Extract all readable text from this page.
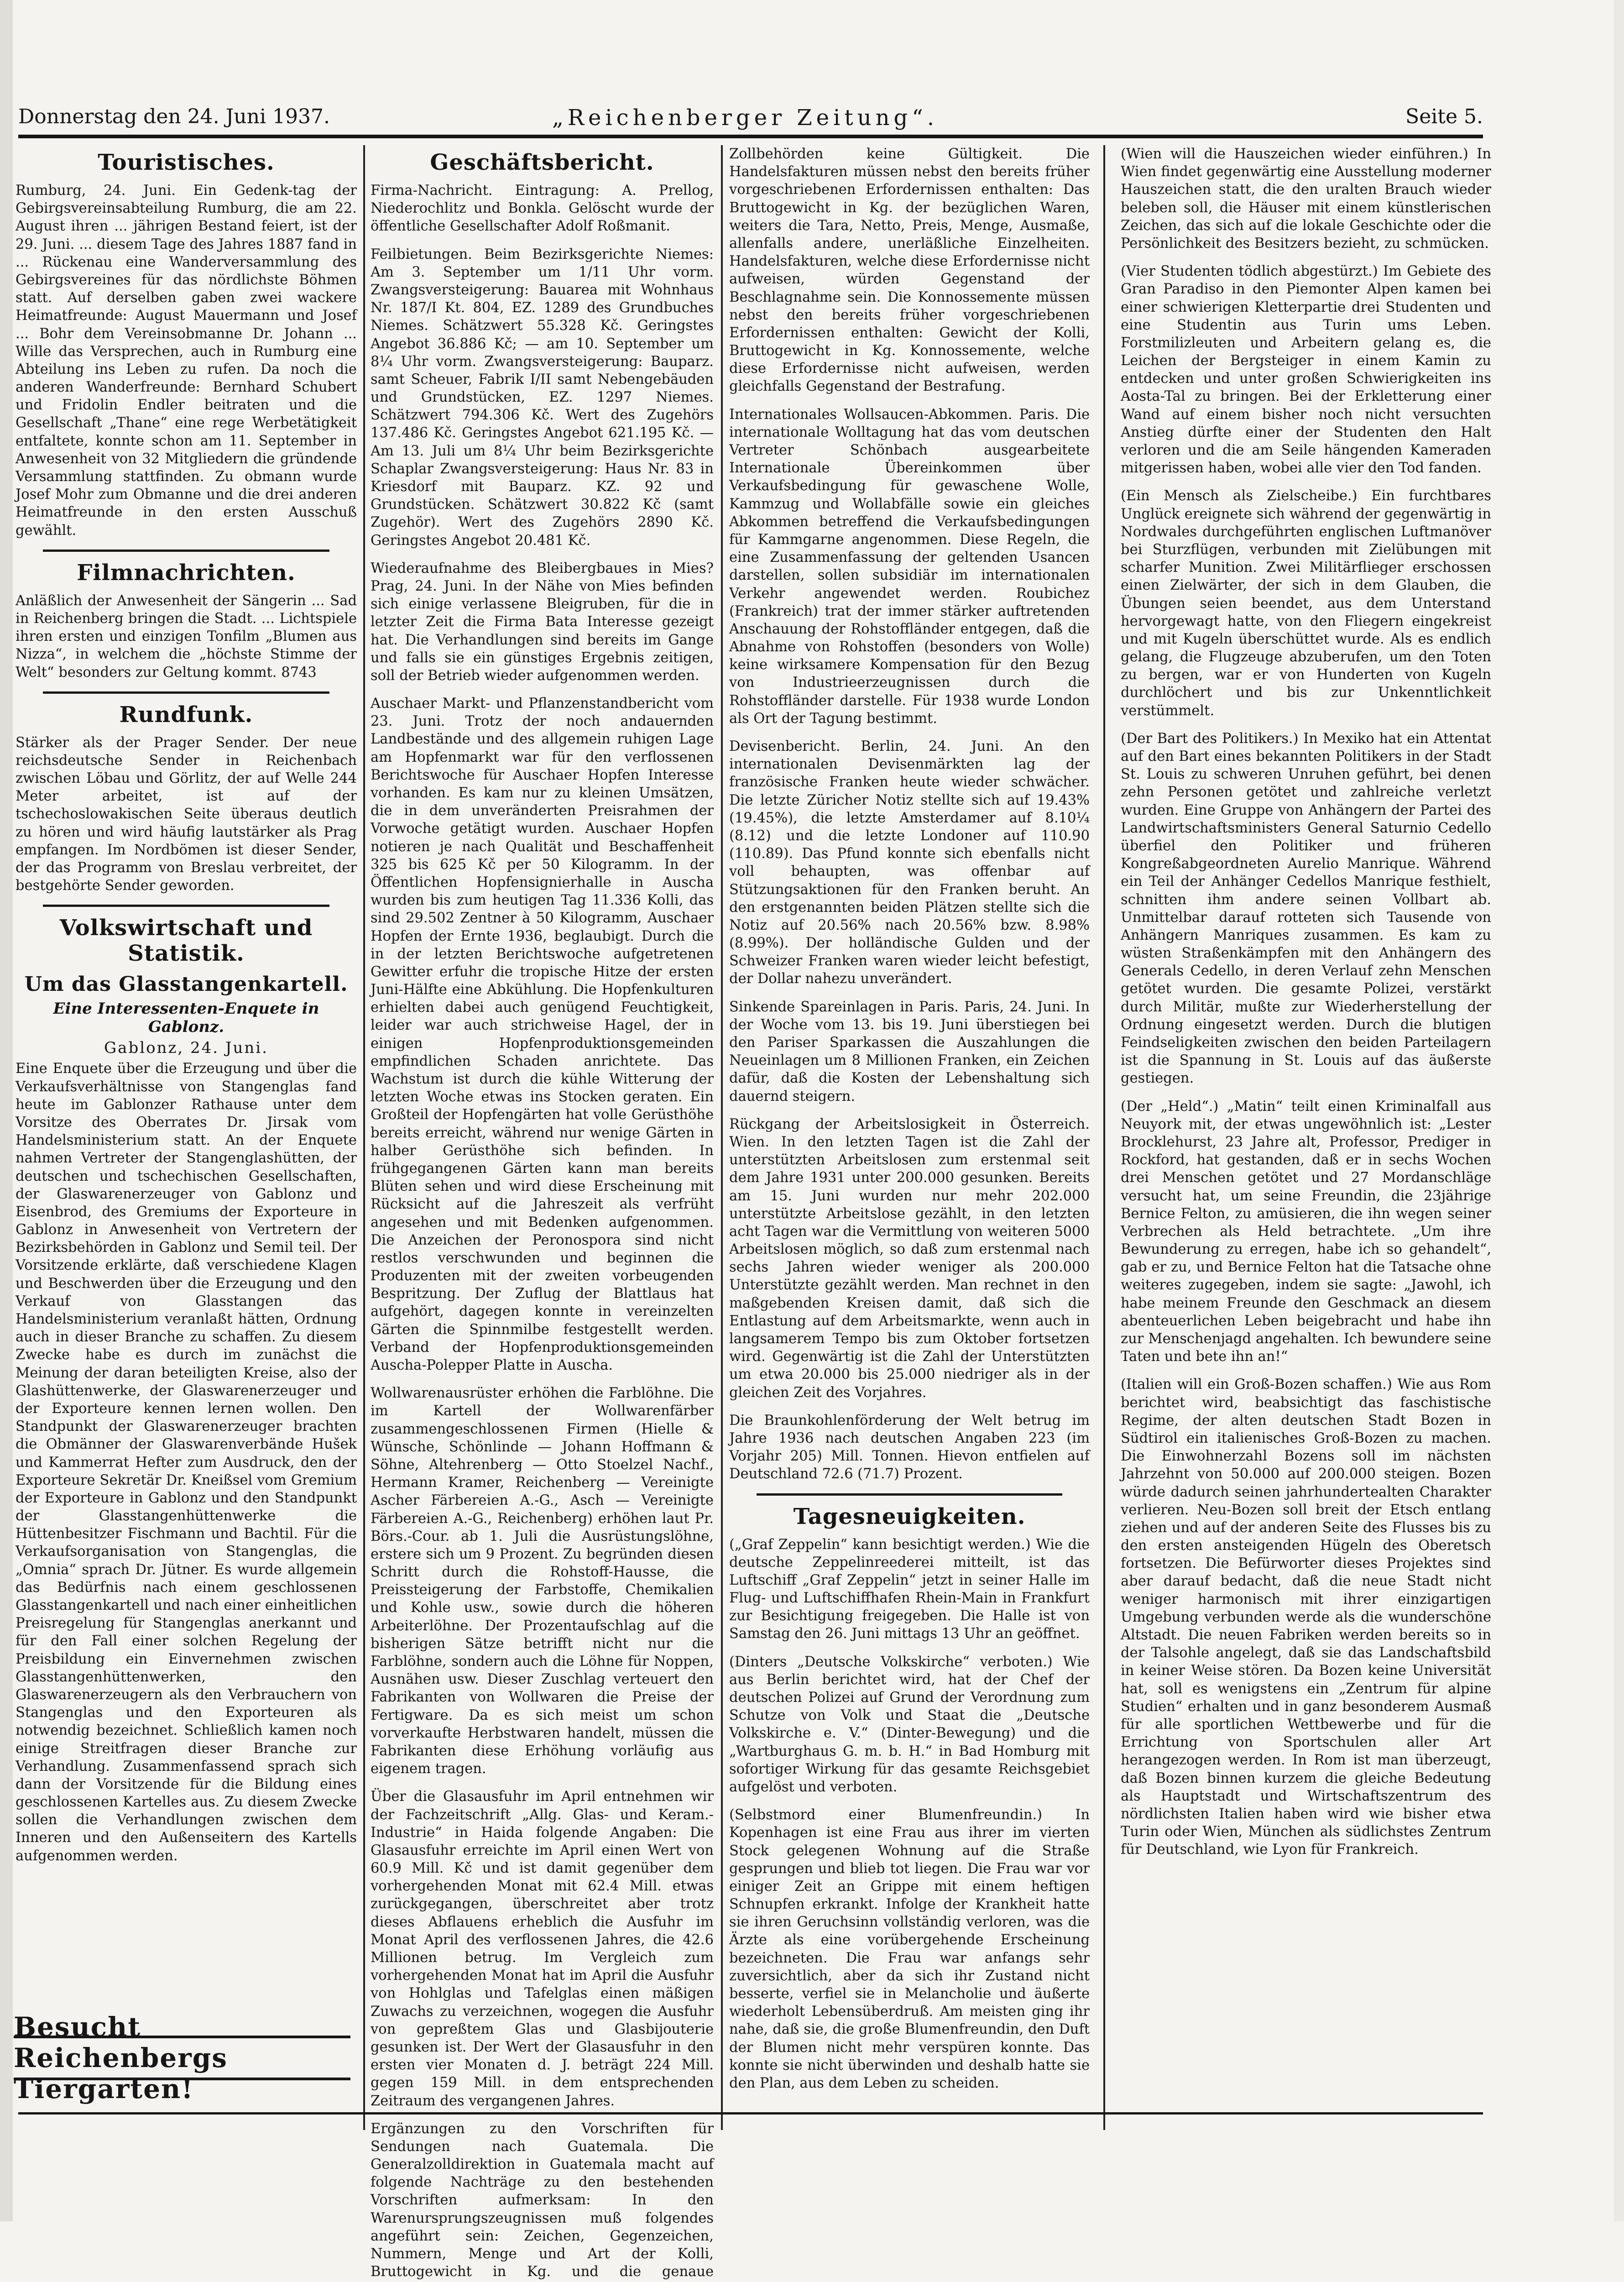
Donnerstag den 24. Juni 1937.	„Reichenberger Zeitung“.	Seite 5.
Touristisches.
Rumburg, 24. Juni. Ein Gedenk-tag der Gebirgsvereinsabteilung Rumburg, die am 22. August ihren ... jährigen Bestand feiert, ist der 29. Juni. ... diesem Tage des Jahres 1887 fand in ... Rückenau eine Wanderversammlung des Gebirgsvereines für das nördlichste Böhmen statt. Auf derselben gaben zwei wackere Heimatfreunde: August Mauermann und Josef ... Bohr dem Vereinsobmanne Dr. Johann ... Wille das Versprechen, auch in Rumburg eine Abteilung ins Leben zu rufen. Da noch die anderen Wanderfreunde: Bernhard Schubert und Fridolin Endler beitraten und die Gesellschaft „Thane“ eine rege Werbetätigkeit entfaltete, konnte schon am 11. September in Anwesenheit von 32 Mitgliedern die gründende Versammlung stattfinden. Zu obmann wurde Josef Mohr zum Obmanne und die drei anderen Heimatfreunde in den ersten Ausschuß gewählt.
Filmnachrichten.
Anläßlich der Anwesenheit der Sängerin ... Sad in Reichenberg bringen die Stadt. ... Lichtspiele ihren ersten und einzigen Tonfilm „Blumen aus Nizza“, in welchem die „höchste Stimme der Welt“ besonders zur Geltung kommt. 8743
Rundfunk.
Stärker als der Prager Sender. Der neue reichsdeutsche Sender in Reichenbach zwischen Löbau und Görlitz, der auf Welle 244 Meter arbeitet, ist auf der tschechoslowakischen Seite überaus deutlich zu hören und wird häufig lautstärker als Prag empfangen. Im Nordbömen ist dieser Sender, der das Programm von Breslau verbreitet, der bestgehörte Sender geworden.
Volkswirtschaft und Statistik.
Um das Glasstangenkartell.
Eine Interessenten-Enquete in Gablonz.
Gablonz, 24. Juni.
Eine Enquete über die Erzeugung und über die Verkaufsverhältnisse von Stangenglas fand heute im Gablonzer Rathause unter dem Vorsitze des Oberrates Dr. Jirsak vom Handelsministerium statt. An der Enquete nahmen Vertreter der Stangenglashütten, der deutschen und tschechischen Gesellschaften, der Glaswarenerzeuger von Gablonz und Eisenbrod, des Gremiums der Exporteure in Gablonz in Anwesenheit von Vertretern der Bezirksbehörden in Gablonz und Semil teil. Der Vorsitzende erklärte, daß verschiedene Klagen und Beschwerden über die Erzeugung und den Verkauf von Glasstangen das Handelsministerium veranlaßt hätten, Ordnung auch in dieser Branche zu schaffen. Zu diesem Zwecke habe es durch im zunächst die Meinung der daran beteiligten Kreise, also der Glashüttenwerke, der Glaswarenerzeuger und der Exporteure kennen lernen wollen. Den Standpunkt der Glaswarenerzeuger brachten die Obmänner der Glaswarenverbände Hušek und Kammerrat Hefter zum Ausdruck, den der Exporteure Sekretär Dr. Kneißsel vom Gremium der Exporteure in Gablonz und den Standpunkt der Glasstangenhüttenwerke die Hüttenbesitzer Fischmann und Bachtil. Für die Verkaufsorganisation von Stangenglas, die „Omnia“ sprach Dr. Jütner. Es wurde allgemein das Bedürfnis nach einem geschlossenen Glasstangenkartell und nach einer einheitlichen Preisregelung für Stangenglas anerkannt und für den Fall einer solchen Regelung der Preisbildung ein Einvernehmen zwischen Glasstangenhüttenwerken, den Glaswarenerzeugern als den Verbrauchern von Stangenglas und den Exporteuren als notwendig bezeichnet. Schließlich kamen noch einige Streitfragen dieser Branche zur Verhandlung. Zusammenfassend sprach sich dann der Vorsitzende für die Bildung eines geschlossenen Kartelles aus. Zu diesem Zwecke sollen die Verhandlungen zwischen dem Inneren und den Außenseitern des Kartells aufgenommen werden.
Besucht Reichenbergs Tiergarten!
Geschäftsbericht.
Firma-Nachricht. Eintragung: A. Prellog, Niederochlitz und Bonkla. Gelöscht wurde der öffentliche Gesellschafter Adolf Roßmanit.
Feilbietungen. Beim Bezirksgerichte Niemes: Am 3. September um 1/11 Uhr vorm. Zwangsversteigerung: Bauarea mit Wohnhaus Nr. 187/I Kt. 804, EZ. 1289 des Grundbuches Niemes. Schätzwert 55.328 Kč. Geringstes Angebot 36.886 Kč; — am 10. September um 8¼ Uhr vorm. Zwangsversteigerung: Bauparz. samt Scheuer, Fabrik I/II samt Nebengebäuden und Grundstücken, EZ. 1297 Niemes. Schätzwert 794.306 Kč. Wert des Zugehörs 137.486 Kč. Geringstes Angebot 621.195 Kč. — Am 13. Juli um 8¼ Uhr beim Bezirksgerichte Schaplar Zwangsversteigerung: Haus Nr. 83 in Kriesdorf mit Bauparz. KZ. 92 und Grundstücken. Schätzwert 30.822 Kč (samt Zugehör). Wert des Zugehörs 2890 Kč. Geringstes Angebot 20.481 Kč.
Wiederaufnahme des Bleibergbaues in Mies? Prag, 24. Juni. In der Nähe von Mies befinden sich einige verlassene Bleigruben, für die in letzter Zeit die Firma Bata Interesse gezeigt hat. Die Verhandlungen sind bereits im Gange und falls sie ein günstiges Ergebnis zeitigen, soll der Betrieb wieder aufgenommen werden.
Auschaer Markt- und Pflanzenstandbericht vom 23. Juni. Trotz der noch andauernden Landbestände und des allgemein ruhigen Lage am Hopfenmarkt war für den verflossenen Berichtswoche für Auschaer Hopfen Interesse vorhanden. Es kam nur zu kleinen Umsätzen, die in dem unveränderten Preisrahmen der Vorwoche getätigt wurden. Auschaer Hopfen notieren je nach Qualität und Beschaffenheit 325 bis 625 Kč per 50 Kilogramm. In der Öffentlichen Hopfensignierhalle in Auscha wurden bis zum heutigen Tag 11.336 Kolli, das sind 29.502 Zentner à 50 Kilogramm, Auschaer Hopfen der Ernte 1936, beglaubigt. Durch die in der letzten Berichtswoche aufgetretenen Gewitter erfuhr die tropische Hitze der ersten Juni-Hälfte eine Abkühlung. Die Hopfenkulturen erhielten dabei auch genügend Feuchtigkeit, leider war auch strichweise Hagel, der in einigen Hopfenproduktionsgemeinden empfindlichen Schaden anrichtete. Das Wachstum ist durch die kühle Witterung der letzten Woche etwas ins Stocken geraten. Ein Großteil der Hopfengärten hat volle Gerüsthöhe bereits erreicht, während nur wenige Gärten in halber Gerüsthöhe sich befinden. In frühgegangenen Gärten kann man bereits Blüten sehen und wird diese Erscheinung mit Rücksicht auf die Jahreszeit als verfrüht angesehen und mit Bedenken aufgenommen. Die Anzeichen der Peronospora sind nicht restlos verschwunden und beginnen die Produzenten mit der zweiten vorbeugenden Bespritzung. Der Zuflug der Blattlaus hat aufgehört, dagegen konnte in vereinzelten Gärten die Spinnmilbe festgestellt werden. Verband der Hopfenproduktionsgemeinden Auscha-Polepper Platte in Auscha.
Wollwarenausrüster erhöhen die Farblöhne. Die im Kartell der Wollwarenfärber zusammengeschlossenen Firmen (Hielle & Wünsche, Schönlinde — Johann Hoffmann & Söhne, Altehrenberg — Otto Stoelzel Nachf., Hermann Kramer, Reichenberg — Vereinigte Ascher Färbereien A.-G., Asch — Vereinigte Färbereien A.-G., Reichenberg) erhöhen laut Pr. Börs.-Cour. ab 1. Juli die Ausrüstungslöhne, erstere sich um 9 Prozent. Zu begründen diesen Schritt durch die Rohstoff-Hausse, die Preissteigerung der Farbstoffe, Chemikalien und Kohle usw., sowie durch die höheren Arbeiterlöhne. Der Prozentaufschlag auf die bisherigen Sätze betrifft nicht nur die Farblöhne, sondern auch die Löhne für Noppen, Ausnähen usw. Dieser Zuschlag verteuert den Fabrikanten von Wollwaren die Preise der Fertigware. Da es sich meist um schon vorverkaufte Herbstwaren handelt, müssen die Fabrikanten diese Erhöhung vorläufig aus eigenem tragen.
Über die Glasausfuhr im April entnehmen wir der Fachzeitschrift „Allg. Glas- und Keram.-Industrie“ in Haida folgende Angaben: Die Glasausfuhr erreichte im April einen Wert von 60.9 Mill. Kč und ist damit gegenüber dem vorhergehenden Monat mit 62.4 Mill. etwas zurückgegangen, überschreitet aber trotz dieses Abflauens erheblich die Ausfuhr im Monat April des verflossenen Jahres, die 42.6 Millionen betrug. Im Vergleich zum vorhergehenden Monat hat im April die Ausfuhr von Hohlglas und Tafelglas einen mäßigen Zuwachs zu verzeichnen, wogegen die Ausfuhr von gepreßtem Glas und Glasbijouterie gesunken ist. Der Wert der Glasausfuhr in den ersten vier Monaten d. J. beträgt 224 Mill. gegen 159 Mill. in dem entsprechenden Zeitraum des vergangenen Jahres.
Ergänzungen zu den Vorschriften für Sendungen nach Guatemala. Die Generalzolldirektion in Guatemala macht auf folgende Nachträge zu den bestehenden Vorschriften aufmerksam: In den Warenursprungszeugnissen muß folgendes angeführt sein: Zeichen, Gegenzeichen, Nummern, Menge und Art der Kolli, Bruttogewicht in Kg. und die genaue
Zollbehörden keine Gültigkeit. Die Handelsfakturen müssen nebst den bereits früher vorgeschriebenen Erfordernissen enthalten: Das Bruttogewicht in Kg. der bezüglichen Waren, weiters die Tara, Netto, Preis, Menge, Ausmaße, allenfalls andere, unerläßliche Einzelheiten. Handelsfakturen, welche diese Erfordernisse nicht aufweisen, würden Gegenstand der Beschlagnahme sein. Die Konnossemente müssen nebst den bereits früher vorgeschriebenen Erfordernissen enthalten: Gewicht der Kolli, Bruttogewicht in Kg. Konnossemente, welche diese Erfordernisse nicht aufweisen, werden gleichfalls Gegenstand der Bestrafung.
Internationales Wollsaucen-Abkommen. Paris. Die internationale Wolltagung hat das vom deutschen Vertreter Schönbach ausgearbeitete Internationale Übereinkommen über Verkaufsbedingung für gewaschene Wolle, Kammzug und Wollabfälle sowie ein gleiches Abkommen betreffend die Verkaufsbedingungen für Kammgarne angenommen. Diese Regeln, die eine Zusammenfassung der geltenden Usancen darstellen, sollen subsidiär im internationalen Verkehr angewendet werden. Roubichez (Frankreich) trat der immer stärker auftretenden Anschauung der Rohstoffländer entgegen, daß die Abnahme von Rohstoffen (besonders von Wolle) keine wirksamere Kompensation für den Bezug von Industrieerzeugnissen durch die Rohstoffländer darstelle. Für 1938 wurde London als Ort der Tagung bestimmt.
Devisenbericht. Berlin, 24. Juni. An den internationalen Devisenmärkten lag der französische Franken heute wieder schwächer. Die letzte Züricher Notiz stellte sich auf 19.43% (19.45%), die letzte Amsterdamer auf 8.10¼ (8.12) und die letzte Londoner auf 110.90 (110.89). Das Pfund konnte sich ebenfalls nicht voll behaupten, was offenbar auf Stützungsaktionen für den Franken beruht. An den erstgenannten beiden Plätzen stellte sich die Notiz auf 20.56% nach 20.56% bzw. 8.98% (8.99%). Der holländische Gulden und der Schweizer Franken waren wieder leicht befestigt, der Dollar nahezu unverändert.
Sinkende Spareinlagen in Paris. Paris, 24. Juni. In der Woche vom 13. bis 19. Juni überstiegen bei den Pariser Sparkassen die Auszahlungen die Neueinlagen um 8 Millionen Franken, ein Zeichen dafür, daß die Kosten der Lebenshaltung sich dauernd steigern.
Rückgang der Arbeitslosigkeit in Österreich. Wien. In den letzten Tagen ist die Zahl der unterstützten Arbeitslosen zum erstenmal seit dem Jahre 1931 unter 200.000 gesunken. Bereits am 15. Juni wurden nur mehr 202.000 unterstützte Arbeitslose gezählt, in den letzten acht Tagen war die Vermittlung von weiteren 5000 Arbeitslosen möglich, so daß zum erstenmal nach sechs Jahren wieder weniger als 200.000 Unterstützte gezählt werden. Man rechnet in den maßgebenden Kreisen damit, daß sich die Entlastung auf dem Arbeitsmarkte, wenn auch in langsamerem Tempo bis zum Oktober fortsetzen wird. Gegenwärtig ist die Zahl der Unterstützten um etwa 20.000 bis 25.000 niedriger als in der gleichen Zeit des Vorjahres.
Die Braunkohlenförderung der Welt betrug im Jahre 1936 nach deutschen Angaben 223 (im Vorjahr 205) Mill. Tonnen. Hievon entfielen auf Deutschland 72.6 (71.7) Prozent.
Tagesneuigkeiten.
(„Graf Zeppelin“ kann besichtigt werden.) Wie die deutsche Zeppelinreederei mitteilt, ist das Luftschiff „Graf Zeppelin“ jetzt in seiner Halle im Flug- und Luftschiffhafen Rhein-Main in Frankfurt zur Besichtigung freigegeben. Die Halle ist von Samstag den 26. Juni mittags 13 Uhr an geöffnet.
(Dinters „Deutsche Volkskirche“ verboten.) Wie aus Berlin berichtet wird, hat der Chef der deutschen Polizei auf Grund der Verordnung zum Schutze von Volk und Staat die „Deutsche Volkskirche e. V.“ (Dinter-Bewegung) und die „Wartburghaus G. m. b. H.“ in Bad Homburg mit sofortiger Wirkung für das gesamte Reichsgebiet aufgelöst und verboten.
(Selbstmord einer Blumenfreundin.) In Kopenhagen ist eine Frau aus ihrer im vierten Stock gelegenen Wohnung auf die Straße gesprungen und blieb tot liegen. Die Frau war vor einiger Zeit an Grippe mit einem heftigen Schnupfen erkrankt. Infolge der Krankheit hatte sie ihren Geruchsinn vollständig verloren, was die Ärzte als eine vorübergehende Erscheinung bezeichneten. Die Frau war anfangs sehr zuversichtlich, aber da sich ihr Zustand nicht besserte, verfiel sie in Melancholie und äußerte wiederholt Lebensüberdruß. Am meisten ging ihr nahe, daß sie, die große Blumenfreundin, den Duft der Blumen nicht mehr verspüren konnte. Das konnte sie nicht überwinden und deshalb hatte sie den Plan, aus dem Leben zu scheiden.
(Wien will die Hauszeichen wieder einführen.) In Wien findet gegenwärtig eine Ausstellung moderner Hauszeichen statt, die den uralten Brauch wieder beleben soll, die Häuser mit einem künstlerischen Zeichen, das sich auf die lokale Geschichte oder die Persönlichkeit des Besitzers bezieht, zu schmücken.
(Vier Studenten tödlich abgestürzt.) Im Gebiete des Gran Paradiso in den Piemonter Alpen kamen bei einer schwierigen Kletterpartie drei Studenten und eine Studentin aus Turin ums Leben. Forstmilizleuten und Arbeitern gelang es, die Leichen der Bergsteiger in einem Kamin zu entdecken und unter großen Schwierigkeiten ins Aosta-Tal zu bringen. Bei der Erkletterung einer Wand auf einem bisher noch nicht versuchten Anstieg dürfte einer der Studenten den Halt verloren und die am Seile hängenden Kameraden mitgerissen haben, wobei alle vier den Tod fanden.
(Ein Mensch als Zielscheibe.) Ein furchtbares Unglück ereignete sich während der gegenwärtig in Nordwales durchgeführten englischen Luftmanöver bei Sturzflügen, verbunden mit Zielübungen mit scharfer Munition. Zwei Militärflieger erschossen einen Zielwärter, der sich in dem Glauben, die Übungen seien beendet, aus dem Unterstand hervorgewagt hatte, von den Fliegern eingekreist und mit Kugeln überschüttet wurde. Als es endlich gelang, die Flugzeuge abzuberufen, um den Toten zu bergen, war er von Hunderten von Kugeln durchlöchert und bis zur Unkenntlichkeit verstümmelt.
(Der Bart des Politikers.) In Mexiko hat ein Attentat auf den Bart eines bekannten Politikers in der Stadt St. Louis zu schweren Unruhen geführt, bei denen zehn Personen getötet und zahlreiche verletzt wurden. Eine Gruppe von Anhängern der Partei des Landwirtschaftsministers General Saturnio Cedello überfiel den Politiker und früheren Kongreßabgeordneten Aurelio Manrique. Während ein Teil der Anhänger Cedellos Manrique festhielt, schnitten ihm andere seinen Vollbart ab. Unmittelbar darauf rotteten sich Tausende von Anhängern Manriques zusammen. Es kam zu wüsten Straßenkämpfen mit den Anhängern des Generals Cedello, in deren Verlauf zehn Menschen getötet wurden. Die gesamte Polizei, verstärkt durch Militär, mußte zur Wiederherstellung der Ordnung eingesetzt werden. Durch die blutigen Feindseligkeiten zwischen den beiden Parteilagern ist die Spannung in St. Louis auf das äußerste gestiegen.
(Der „Held“.) „Matin“ teilt einen Kriminalfall aus Neuyork mit, der etwas ungewöhnlich ist: „Lester Brocklehurst, 23 Jahre alt, Professor, Prediger in Rockford, hat gestanden, daß er in sechs Wochen drei Menschen getötet und 27 Mordanschläge versucht hat, um seine Freundin, die 23jährige Bernice Felton, zu amüsieren, die ihn wegen seiner Verbrechen als Held betrachtete. „Um ihre Bewunderung zu erregen, habe ich so gehandelt“, gab er zu, und Bernice Felton hat die Tatsache ohne weiteres zugegeben, indem sie sagte: „Jawohl, ich habe meinem Freunde den Geschmack an diesem abenteuerlichen Leben beigebracht und habe ihn zur Menschenjagd angehalten. Ich bewundere seine Taten und bete ihn an!“
(Italien will ein Groß-Bozen schaffen.) Wie aus Rom berichtet wird, beabsichtigt das faschistische Regime, der alten deutschen Stadt Bozen in Südtirol ein italienisches Groß-Bozen zu machen. Die Einwohnerzahl Bozens soll im nächsten Jahrzehnt von 50.000 auf 200.000 steigen. Bozen würde dadurch seinen jahrhundertealten Charakter verlieren. Neu-Bozen soll breit der Etsch entlang ziehen und auf der anderen Seite des Flusses bis zu den ersten ansteigenden Hügeln des Oberetsch fortsetzen. Die Befürworter dieses Projektes sind aber darauf bedacht, daß die neue Stadt nicht weniger harmonisch mit ihrer einzigartigen Umgebung verbunden werde als die wunderschöne Altstadt. Die neuen Fabriken werden bereits so in der Talsohle angelegt, daß sie das Landschaftsbild in keiner Weise stören. Da Bozen keine Universität hat, soll es wenigstens ein „Zentrum für alpine Studien“ erhalten und in ganz besonderem Ausmaß für alle sportlichen Wettbewerbe und für die Errichtung von Sportschulen aller Art herangezogen werden. In Rom ist man überzeugt, daß Bozen binnen kurzem die gleiche Bedeutung als Hauptstadt und Wirtschaftszentrum des nördlichsten Italien haben wird wie bisher etwa Turin oder Wien, München als südlichstes Zentrum für Deutschland, wie Lyon für Frankreich.
